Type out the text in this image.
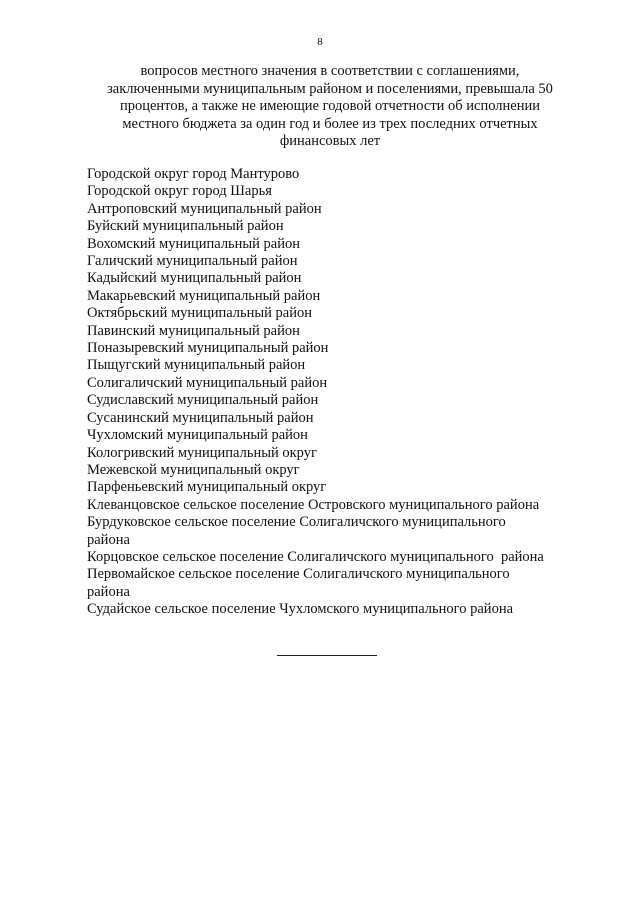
8
вопросов местного значения в соответствии с соглашениями,
заключенными муниципальным районом и поселениями, превышала 50
процентов, а также не имеющие годовой отчетности об исполнении
местного бюджета за один год и более из трех последних отчетных
финансовых лет
Городской округ город Мантурово
Городской округ город Шарья
Антроповский муниципальный район
Буйский муниципальный район
Вохомский муниципальный район
Галичский муниципальный район
Кадыйский муниципальный район
Макарьевский муниципальный район
Октябрьский муниципальный район
Павинский муниципальный район
Поназыревский муниципальный район
Пыщугский муниципальный район
Солигаличский муниципальный район
Судиславский муниципальный район
Сусанинский муниципальный район
Чухломский муниципальный район
Кологривский муниципальный округ
Межевской муниципальный округ
Парфеньевский муниципальный округ
Клеванцовское сельское поселение Островского муниципального района
Бурдуковское сельское поселение Солигаличского муниципального
района
Корцовское сельское поселение Солигаличского муниципального  района
Первомайское сельское поселение Солигаличского муниципального
района
Судайское сельское поселение Чухломского муниципального района
